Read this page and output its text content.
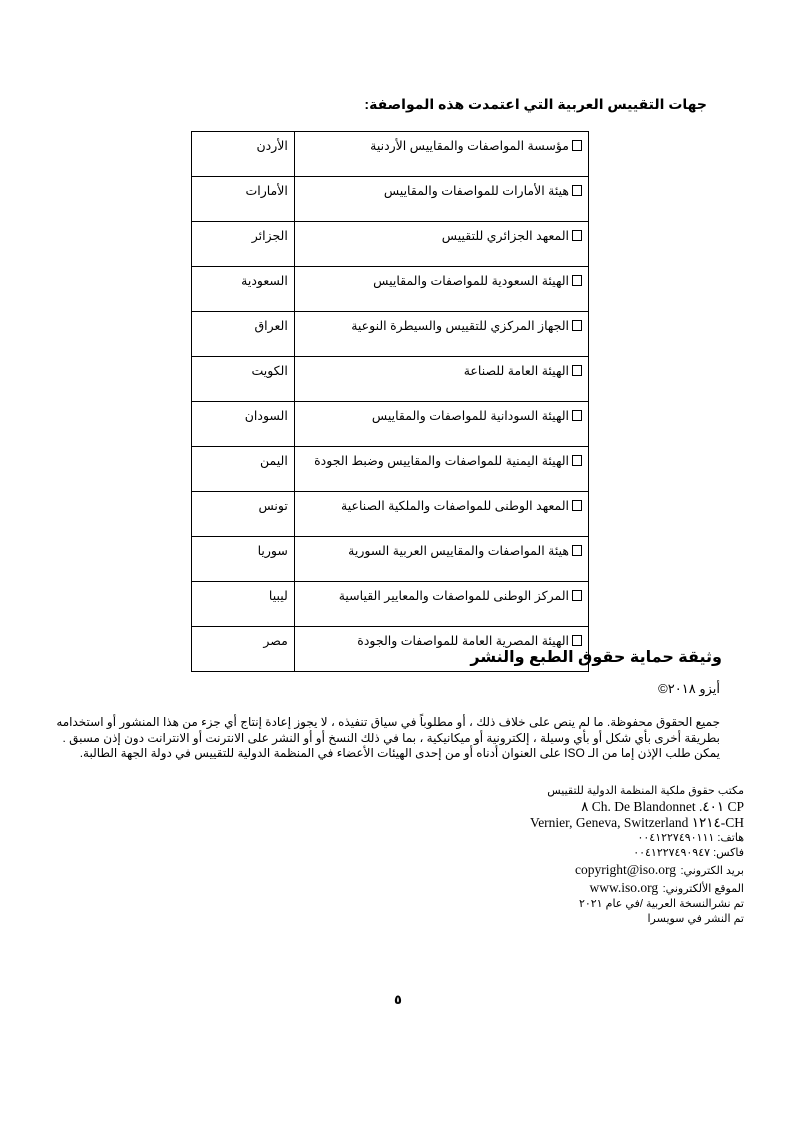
جهات التقييس العربية التي اعتمدت هذه المواصفة:
مؤسسة المواصفات والمقاييس الأردنية	الأردن
هيئة الأمارات للمواصفات والمقاييس	الأمارات
المعهد الجزائري للتقييس	الجزائر
الهيئة السعودية للمواصفات والمقاييس	السعودية
الجهاز المركزي للتقييس والسيطرة النوعية	العراق
الهيئة العامة للصناعة	الكويت
الهيئة السودانية للمواصفات والمقاييس	السودان
الهيئة اليمنية للمواصفات والمقاييس وضبط الجودة	اليمن
المعهد الوطنى للمواصفات والملكية الصناعية	تونس
هيئة المواصفات والمقاييس العربية السورية	سوريا
المركز الوطنى للمواصفات والمعايير القياسية	ليبيا
الهيئة المصرية العامة للمواصفات والجودة	مصر
وثيقة حماية حقوق الطبع والنشر
أيزو ٢٠١٨©
جميع الحقوق محفوظة. ما لم ينص على خلاف ذلك ، أو مطلوباً في سياق تنفيذه ، لا يجوز إعادة إنتاج أي جزء من هذا المنشور أو استخدامه
بطريقة أخرى بأي شكل أو بأي وسيلة ، إلكترونية أو ميكانيكية ، بما في ذلك النسخ أو أو النشر على الانترنت أو الانترانت دون إذن مسبق .
يمكن طلب الإذن إما من الـ ISO على العنوان أدناه أو من إحدى الهيئات الأعضاء في المنظمة الدولية للتقييس في دولة الجهة الطالبة.
مكتب حقوق ملكية المنظمة الدولية للتقييس
CP ٤٠١. Ch. De Blandonnet ٨
CH-١٢١٤ Vernier, Geneva, Switzerland
هاتف: ٠٠٤١٢٢٧٤٩٠١١١
فاكس: ٠٠٤١٢٢٧٤٩٠٩٤٧
بريد الكتروني: copyright@iso.org
الموقع الألكتروني: www.iso.org
تم نشرالنسخة العربية /في عام ٢٠٢١
تم النشر في سويسرا
٥
